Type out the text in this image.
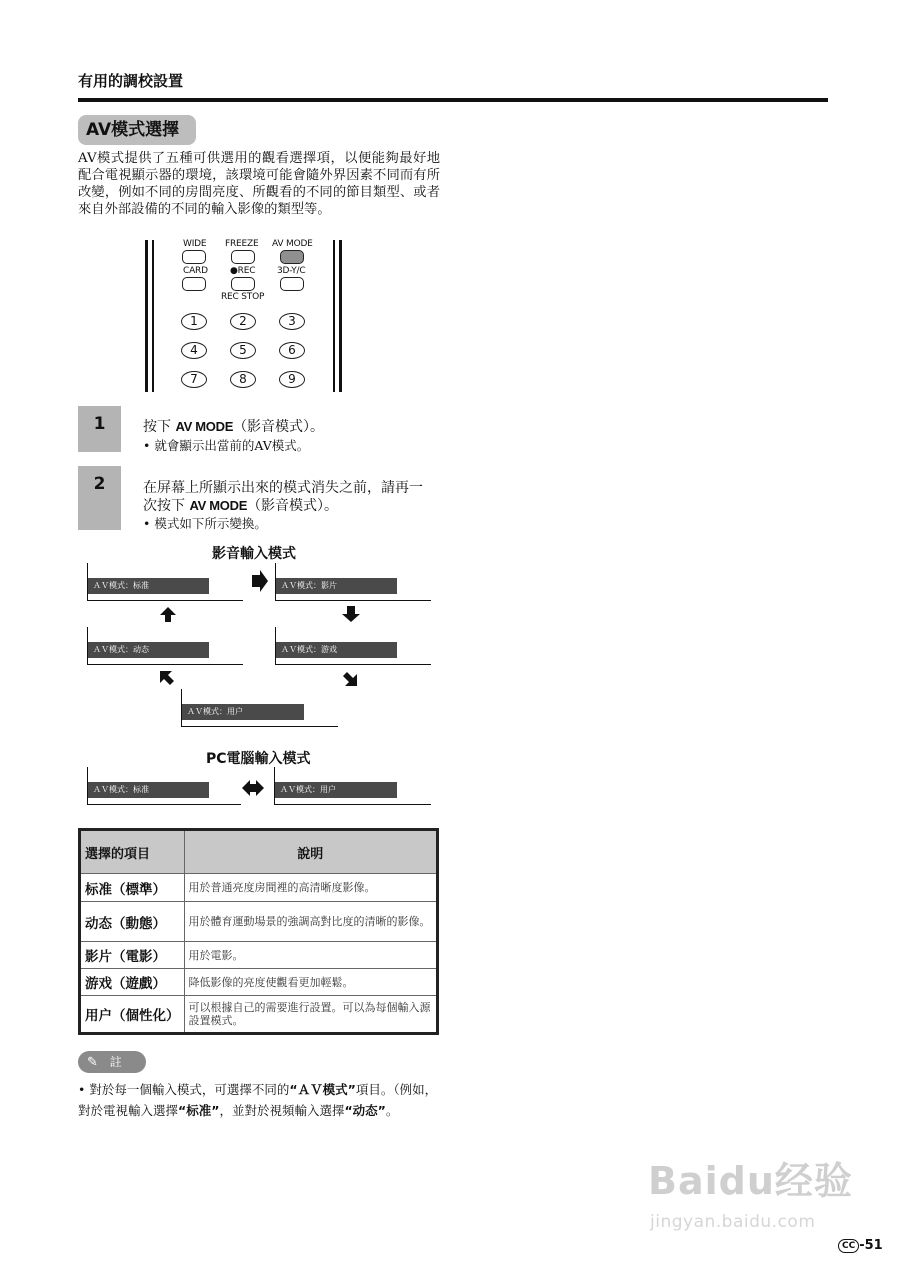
有用的調校設置
AV模式選擇
AV模式提供了五種可供選用的觀看選擇項，以便能夠最好地配合電視顯示器的環境，該環境可能會隨外界因素不同而有所改變，例如不同的房間亮度、所觀看的不同的節目類型、或者來自外部設備的不同的輸入影像的類型等。
WIDE FREEZE AV MODE
CARD ●REC 3D-Y/C
REC STOP
1	2	3
4	5	6
7	8	9
1	按下 AV MODE（影音模式）。
• 就會顯示出當前的AV模式。
2	在屏幕上所顯示出來的模式消失之前，請再一
次按下 AV MODE（影音模式）。
• 模式如下所示變換。
影音輸入模式
ＡＶ模式：标准	ＡＶ模式：影片
ＡＶ模式：动态	ＡＶ模式：游戏
ＡＶ模式：用户
PC電腦輸入模式
ＡＶ模式：标准	ＡＶ模式：用户
選擇的項目	說明
标准（標準）	用於普通亮度房間裡的高清晰度影像。
动态（動態）	用於體育運動場景的強調高對比度的清晰的影像。
影片（電影）	用於電影。
游戏（遊戲）	降低影像的亮度使觀看更加輕鬆。
用户（個性化）	可以根據自己的需要進行設置。可以為每個輸入源設置模式。
✎ 註
• 對於每一個輸入模式，可選擇不同的“ＡＶ模式”項目。（例如，對於電視輸入選擇“标准”，並對於視頻輸入選擇“动态”。
Baidu经验
jingyan.baidu.com
CC -51
